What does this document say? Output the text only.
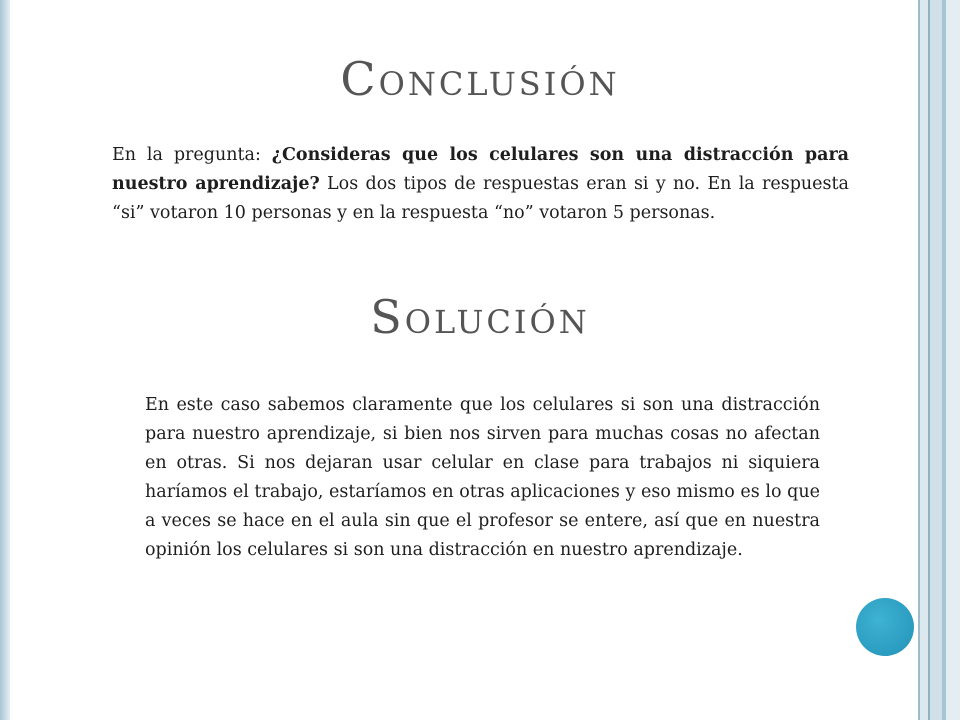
Conclusión

En la pregunta: ¿Consideras que los celulares son una distracción para nuestro aprendizaje? Los dos tipos de respuestas eran si y no. En la respuesta “si” votaron 10 personas y en la respuesta “no” votaron 5 personas.

Solución

En este caso sabemos claramente que los celulares si son una distracción para nuestro aprendizaje, si bien nos sirven para muchas cosas no afectan en otras. Si nos dejaran usar celular en clase para trabajos ni siquiera haríamos el trabajo, estaríamos en otras aplicaciones y eso mismo es lo que a veces se hace en el aula sin que el profesor se entere, así que en nuestra opinión los celulares si son una distracción en nuestro aprendizaje.
